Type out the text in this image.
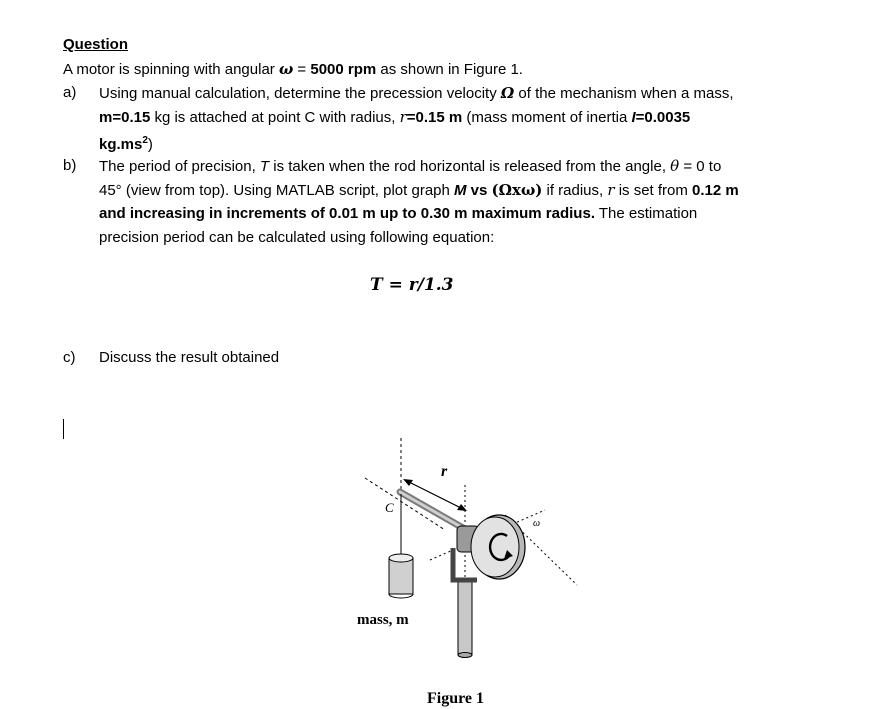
Question
A motor is spinning with angular ω = 5000 rpm as shown in Figure 1.
a) Using manual calculation, determine the precession velocity Ω of the mechanism when a mass,
m=0.15 kg is attached at point C with radius, r=0.15 m (mass moment of inertia I=0.0035
$kg.ms^2$)
b) The period of precision, T is taken when the rod horizontal is released from the angle, θ = 0 to
45° (view from top). Using MATLAB script, plot graph M vs (Ωxω) if radius, r is set from 0.12 m
and increasing in increments of 0.01 m up to 0.30 m maximum radius. The estimation
precision period can be calculated using following equation:
T = r/1.3
c) Discuss the result obtained
r
C
ω
mass, m
Figure 1
